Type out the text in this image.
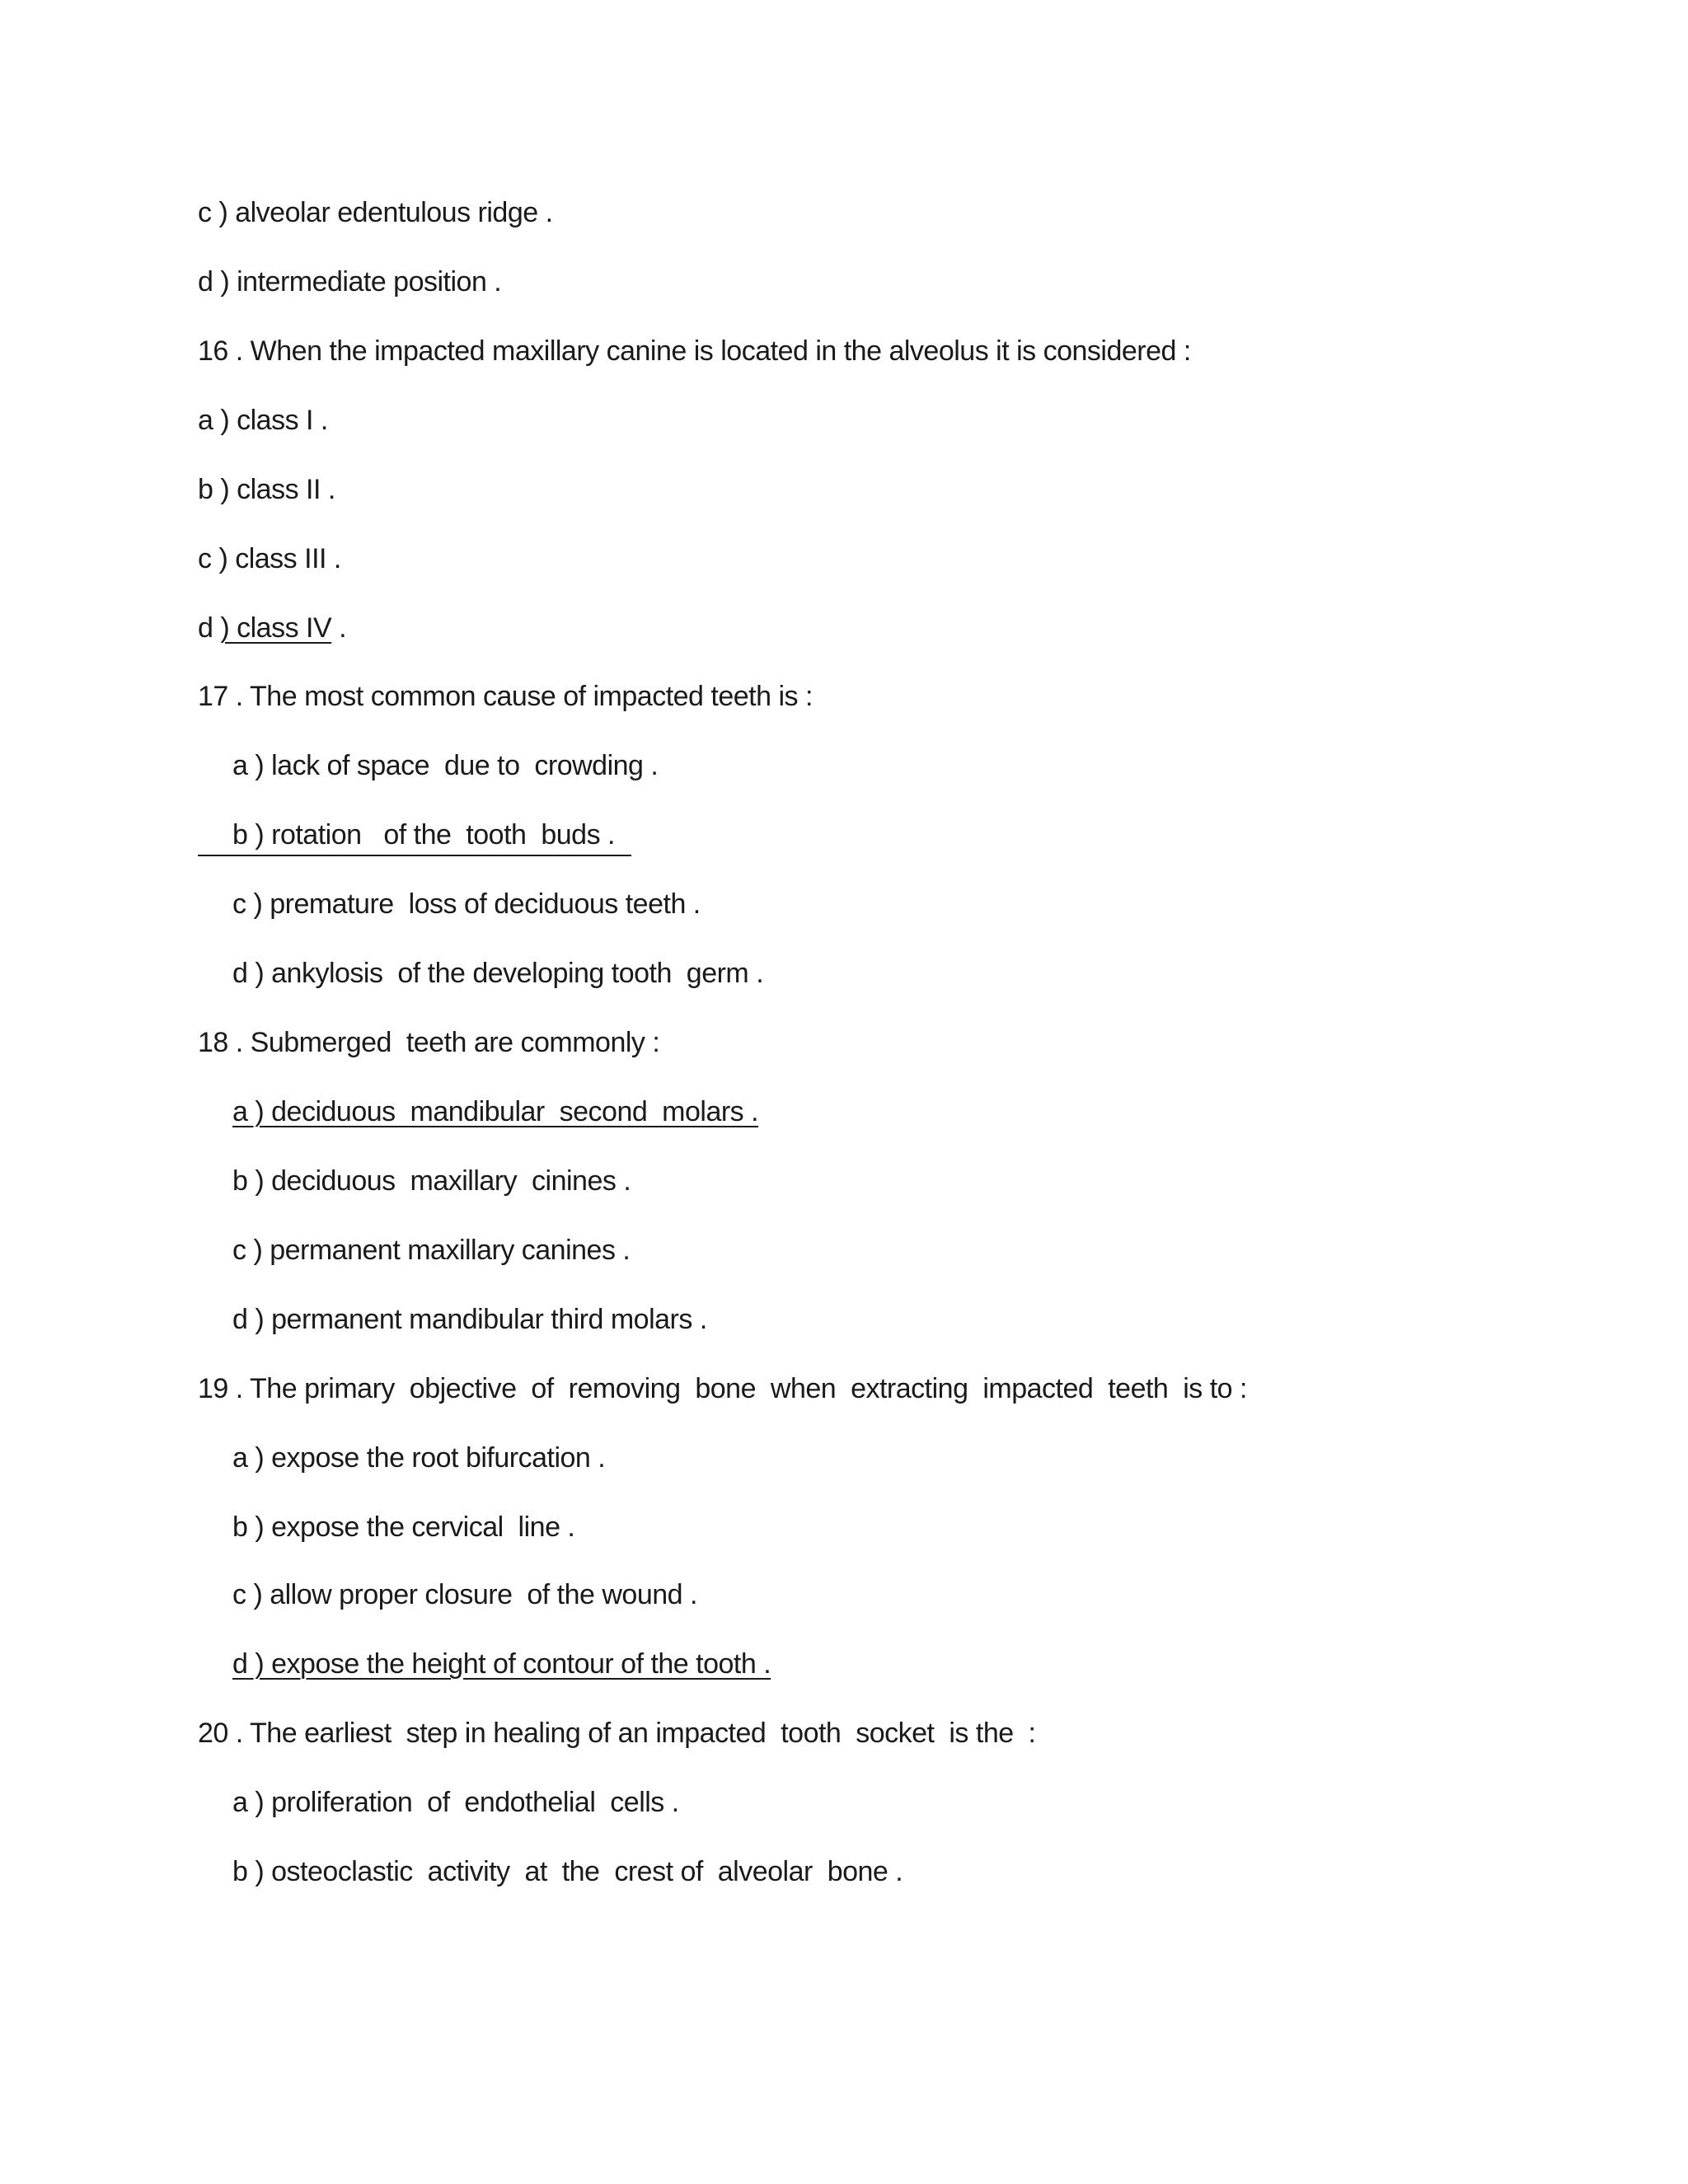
c ) alveolar edentulous ridge .
d ) intermediate position .
16 . When the impacted maxillary canine is located in the alveolus it is considered :
a ) class I .
b ) class II .
c ) class III .
d ) class IV .
17 . The most common cause of impacted teeth is :
a ) lack of space  due to  crowding .
b ) rotation   of the  tooth  buds .
c ) premature  loss of deciduous teeth .
d ) ankylosis  of the developing tooth  germ .
18 . Submerged  teeth are commonly :
a ) deciduous  mandibular  second  molars .
b ) deciduous  maxillary  cinines .
c ) permanent maxillary canines .
d ) permanent mandibular third molars .
19 . The primary  objective  of  removing  bone  when  extracting  impacted  teeth  is to :
a ) expose the root bifurcation .
b ) expose the cervical  line .
c ) allow proper closure  of the wound .
d ) expose the height of contour of the tooth .
20 . The earliest  step in healing of an impacted  tooth  socket  is the  :
a ) proliferation  of  endothelial  cells .
b ) osteoclastic  activity  at  the  crest of  alveolar  bone .
